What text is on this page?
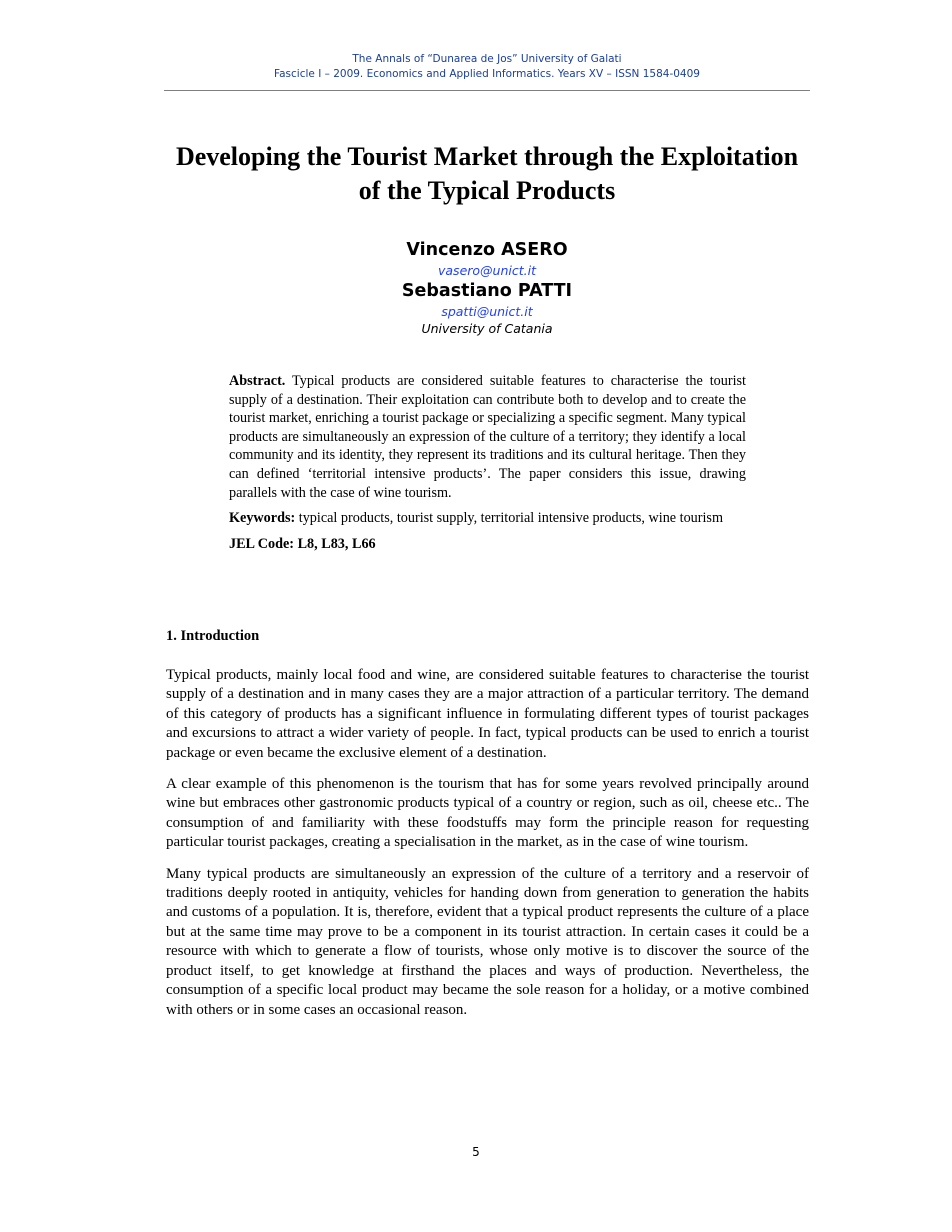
The Annals of “Dunarea de Jos” University of Galati
Fascicle I – 2009. Economics and Applied Informatics. Years XV – ISSN 1584-0409
Developing the Tourist Market through the Exploitation of the Typical Products
Vincenzo ASERO
vasero@unict.it
Sebastiano PATTI
spatti@unict.it
University of Catania

Abstract. Typical products are considered suitable features to characterise the tourist supply of a destination. Their exploitation can contribute both to develop and to create the tourist market, enriching a tourist package or specializing a specific segment. Many typical products are simultaneously an expression of the culture of a territory; they identify a local community and its identity, they represent its traditions and its cultural heritage. Then they can defined ‘territorial intensive products’. The paper considers this issue, drawing parallels with the case of wine tourism.

Keywords: typical products, tourist supply, territorial intensive products, wine tourism

JEL Code: L8, L83, L66

1. Introduction

Typical products, mainly local food and wine, are considered suitable features to characterise the tourist supply of a destination and in many cases they are a major attraction of a particular territory. The demand of this category of products has a significant influence in formulating different types of tourist packages and excursions to attract a wider variety of people. In fact, typical products can be used to enrich a tourist package or even became the exclusive element of a destination.

A clear example of this phenomenon is the tourism that has for some years revolved principally around wine but embraces other gastronomic products typical of a country or region, such as oil, cheese etc.. The consumption of and familiarity with these foodstuffs may form the principle reason for requesting particular tourist packages, creating a specialisation in the market, as in the case of wine tourism.

Many typical products are simultaneously an expression of the culture of a territory and a reservoir of traditions deeply rooted in antiquity, vehicles for handing down from generation to generation the habits and customs of a population. It is, therefore, evident that a typical product represents the culture of a place but at the same time may prove to be a component in its tourist attraction. In certain cases it could be a resource with which to generate a flow of tourists, whose only motive is to discover the source of the product itself, to get knowledge at firsthand the places and ways of production. Nevertheless, the consumption of a specific local product may became the sole reason for a holiday, or a motive combined with others or in some cases an occasional reason.

5
